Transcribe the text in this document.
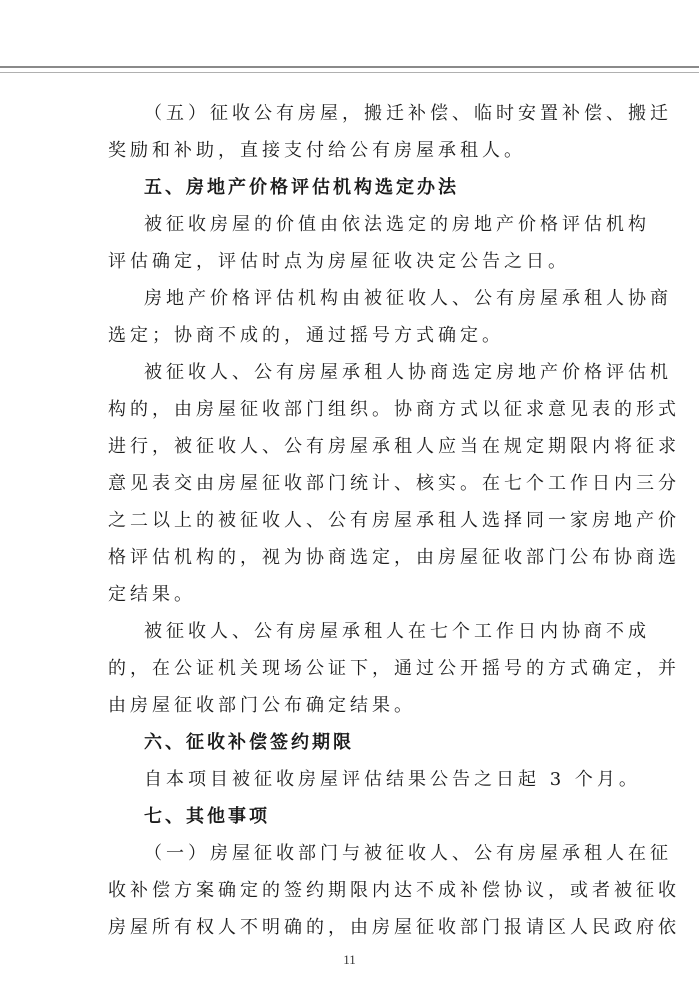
（五）征收公有房屋，搬迁补偿、临时安置补偿、搬迁
奖励和补助，直接支付给公有房屋承租人。
五、房地产价格评估机构选定办法
被征收房屋的价值由依法选定的房地产价格评估机构
评估确定，评估时点为房屋征收决定公告之日。
房地产价格评估机构由被征收人、公有房屋承租人协商
选定；协商不成的，通过摇号方式确定。
被征收人、公有房屋承租人协商选定房地产价格评估机
构的，由房屋征收部门组织。协商方式以征求意见表的形式
进行，被征收人、公有房屋承租人应当在规定期限内将征求
意见表交由房屋征收部门统计、核实。在七个工作日内三分
之二以上的被征收人、公有房屋承租人选择同一家房地产价
格评估机构的，视为协商选定，由房屋征收部门公布协商选
定结果。
被征收人、公有房屋承租人在七个工作日内协商不成
的，在公证机关现场公证下，通过公开摇号的方式确定，并
由房屋征收部门公布确定结果。
六、征收补偿签约期限
自本项目被征收房屋评估结果公告之日起 3 个月。
七、其他事项
（一）房屋征收部门与被征收人、公有房屋承租人在征
收补偿方案确定的签约期限内达不成补偿协议，或者被征收
房屋所有权人不明确的，由房屋征收部门报请区人民政府依
11
